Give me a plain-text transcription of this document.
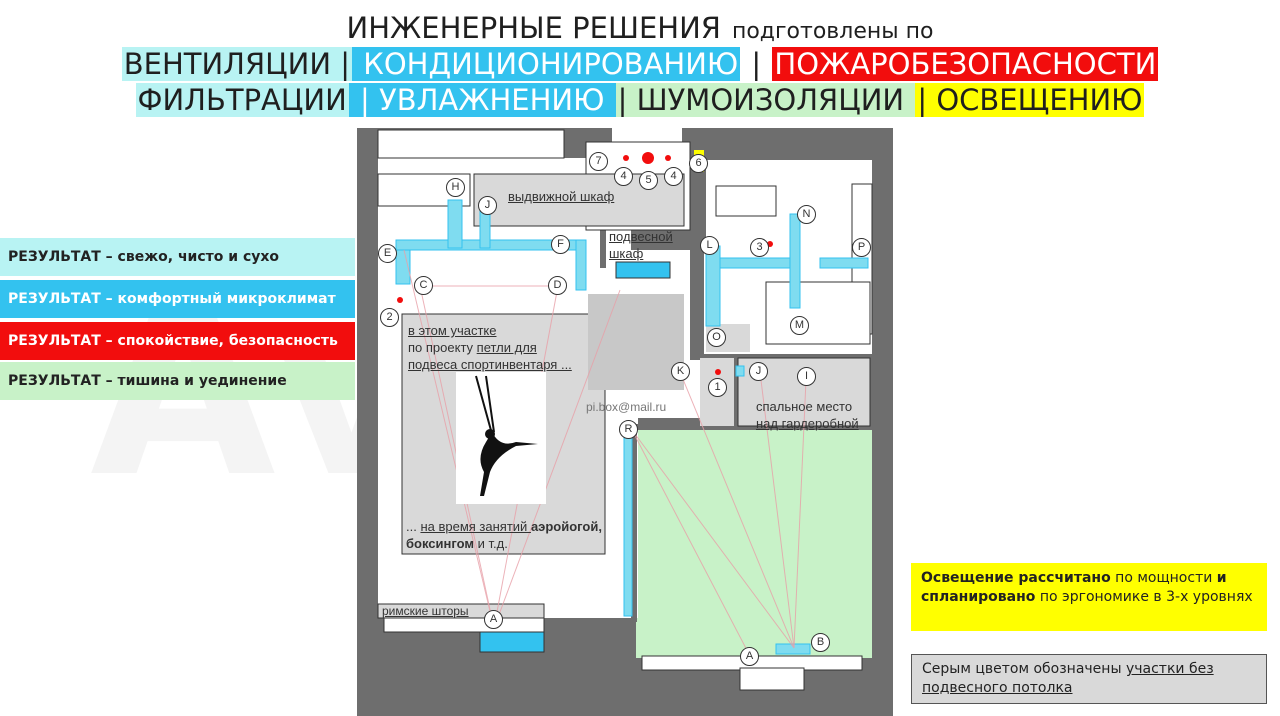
ИНЖЕНЕРНЫЕ РЕШЕНИЯ подготовлены по
ВЕНТИЛЯЦИИ | КОНДИЦИОНИРОВАНИЮ | ПОЖАРОБЕЗОПАСНОСТИ
ФИЛЬТРАЦИИ | УВЛАЖНЕНИЮ | ШУМОИЗОЛЯЦИИ | ОСВЕЩЕНИЮ
РЕЗУЛЬТАТ – свежо, чисто и сухо
РЕЗУЛЬТАТ – комфортный микроклимат
РЕЗУЛЬТАТ – спокойствие, безопасность
РЕЗУЛЬТАТ – тишина и уединение
выдвижной шкаф
подвесной
шкаф
в этом участке
по проекту петли для
подвеса спортинвентаря ...
... на время занятий аэройогой,
боксингом и т.д.
спальное место
над гардеробной
римские шторы
pi.box@mail.ru
H
J
E
F
C	D
2
7
4	5	4
6
N
L	3	P
O
M
K
1
J	I
R
A
A
B
Освещение рассчитано по мощности и спланировано по эргономике в 3-х уровнях
Серым цветом обозначены участки без подвесного потолка
